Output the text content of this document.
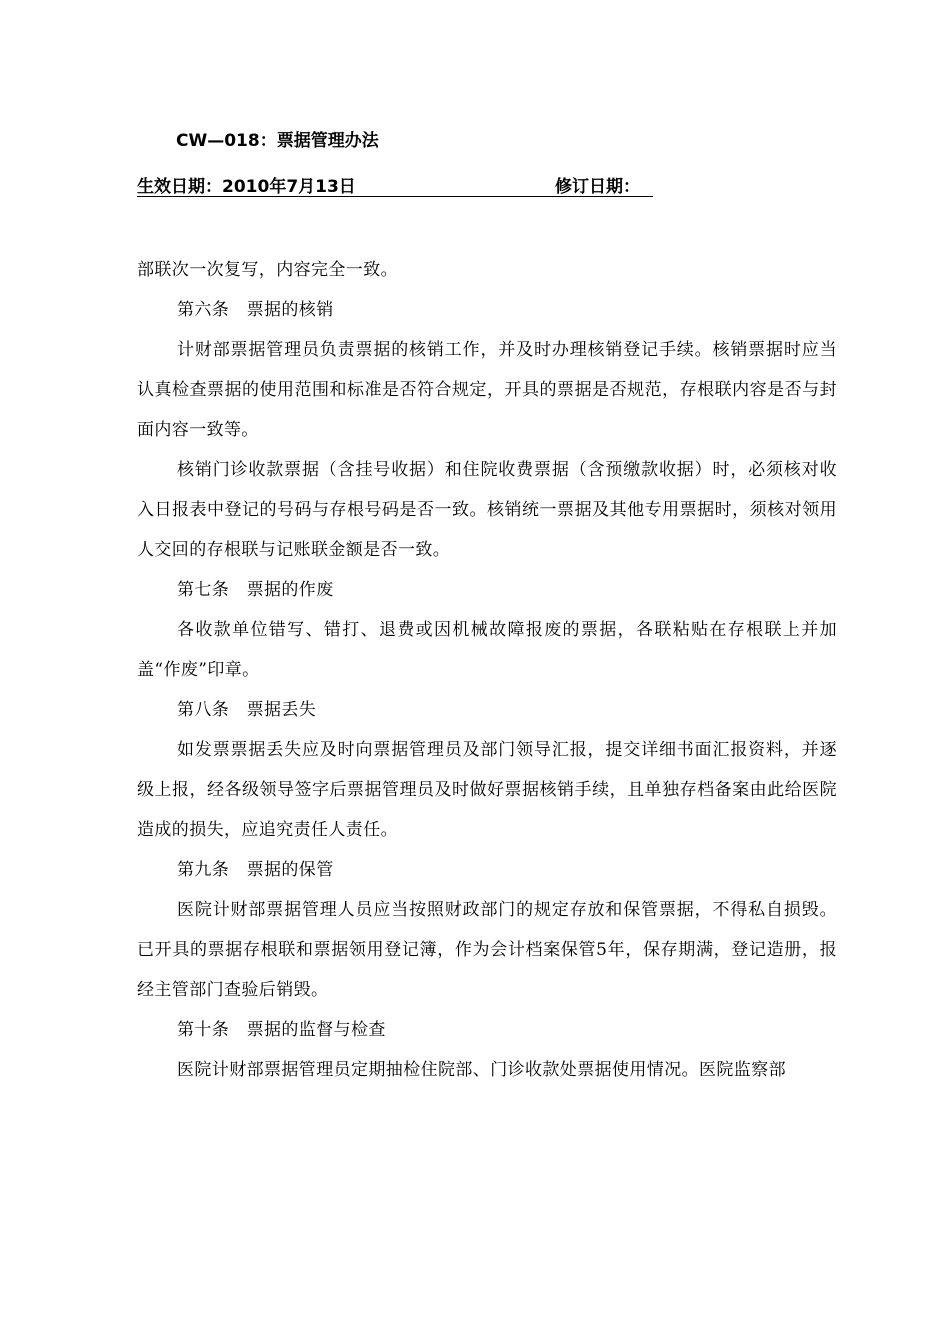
CW—018：票据管理办法
生效日期：2010年7月13日	修订日期：

部联次一次复写，内容完全一致。

第六条　票据的核销

计财部票据管理员负责票据的核销工作，并及时办理核销登记手续。核销票据时应当认真检查票据的使用范围和标准是否符合规定，开具的票据是否规范，存根联内容是否与封面内容一致等。

核销门诊收款票据（含挂号收据）和住院收费票据（含预缴款收据）时，必须核对收入日报表中登记的号码与存根号码是否一致。核销统一票据及其他专用票据时，须核对领用人交回的存根联与记账联金额是否一致。

第七条　票据的作废

各收款单位错写、错打、退费或因机械故障报废的票据，各联粘贴在存根联上并加盖“作废”印章。

第八条　票据丢失

如发票票据丢失应及时向票据管理员及部门领导汇报，提交详细书面汇报资料，并逐级上报，经各级领导签字后票据管理员及时做好票据核销手续，且单独存档备案由此给医院造成的损失，应追究责任人责任。

第九条　票据的保管

医院计财部票据管理人员应当按照财政部门的规定存放和保管票据，不得私自损毁。已开具的票据存根联和票据领用登记簿，作为会计档案保管5年，保存期满，登记造册，报经主管部门查验后销毁。

第十条　票据的监督与检查

医院计财部票据管理员定期抽检住院部、门诊收款处票据使用情况。医院监察部
